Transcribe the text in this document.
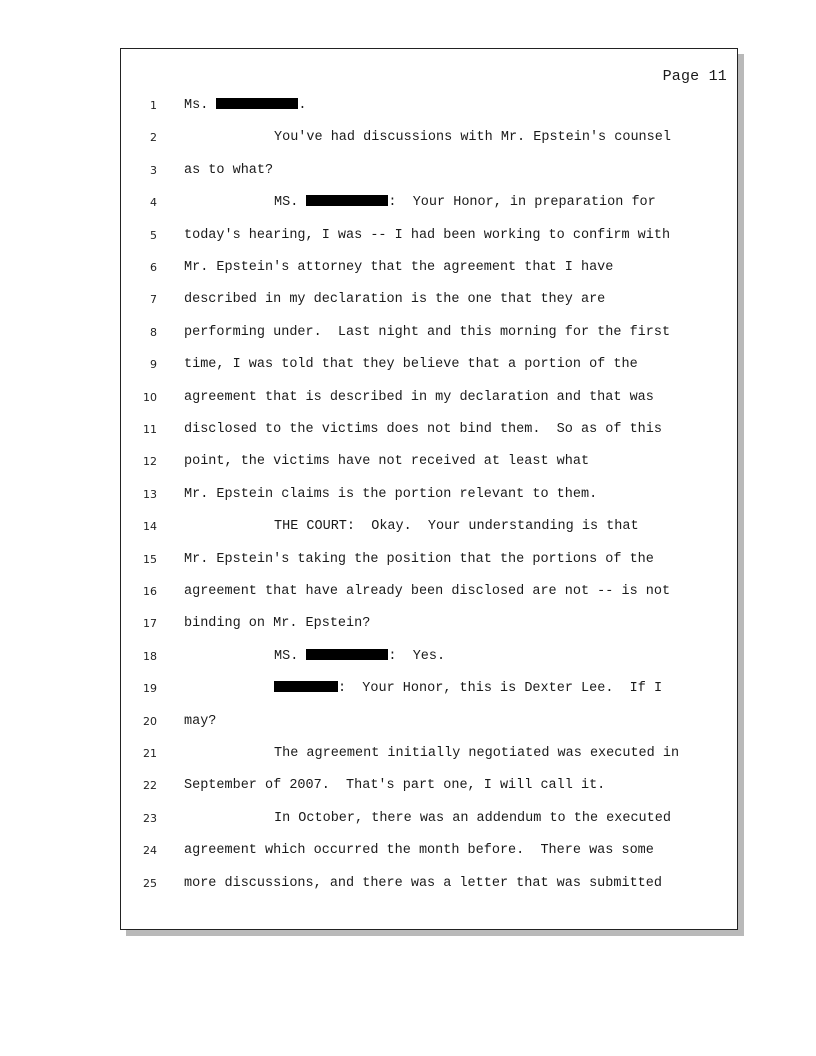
Page 11
1 Ms.	.
2	You've had discussions with Mr. Epstein's counsel
3 as to what?
4	MS.	:  Your Honor, in preparation for
5 today's hearing, I was -- I had been working to confirm with
6 Mr. Epstein's attorney that the agreement that I have
7 described in my declaration is the one that they are
8 performing under.  Last night and this morning for the first
9 time, I was told that they believe that a portion of the
10 agreement that is described in my declaration and that was
11 disclosed to the victims does not bind them.  So as of this
12 point, the victims have not received at least what
13 Mr. Epstein claims is the portion relevant to them.
14	THE COURT:  Okay.  Your understanding is that
15 Mr. Epstein's taking the position that the portions of the
16 agreement that have already been disclosed are not -- is not
17 binding on Mr. Epstein?
18	MS.	:  Yes.
19	:  Your Honor, this is Dexter Lee.  If I
20 may?
21	The agreement initially negotiated was executed in
22 September of 2007.  That's part one, I will call it.
23	In October, there was an addendum to the executed
24 agreement which occurred the month before.  There was some
25 more discussions, and there was a letter that was submitted
